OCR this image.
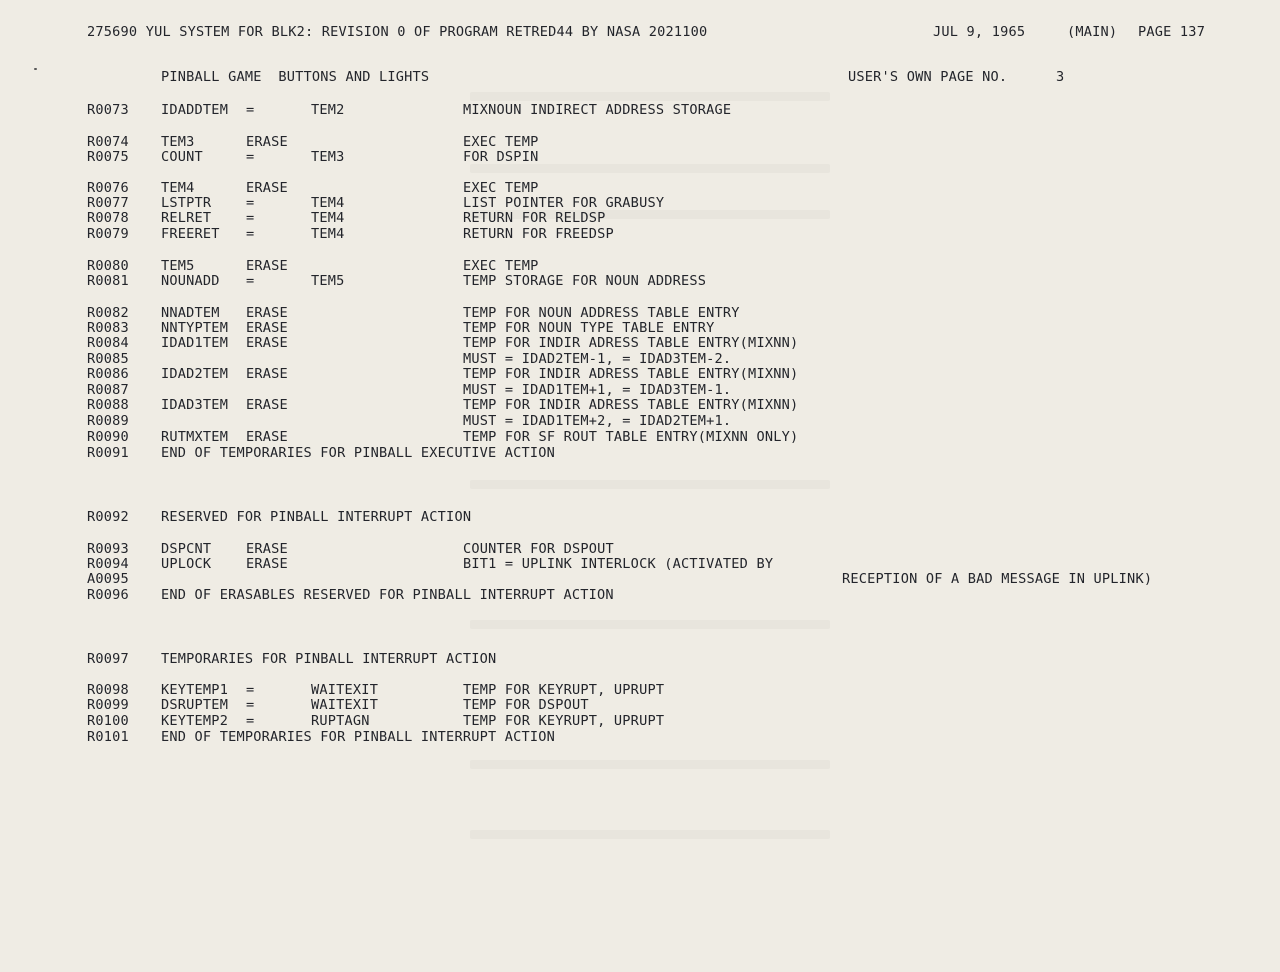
275690 YUL SYSTEM FOR BLK2: REVISION 0 OF PROGRAM RETRED44 BY NASA 2021100	JUL 9, 1965	(MAIN) PAGE 137
PINBALL GAME  BUTTONS AND LIGHTS	USER'S OWN PAGE NO.	3
R0073 IDADDTEM =	TEM2	MIXNOUN INDIRECT ADDRESS STORAGE
R0074 TEM3	ERASE	EXEC TEMP
R0075 COUNT	=	TEM3	FOR DSPIN
R0076 TEM4	ERASE	EXEC TEMP
R0077 LSTPTR	=	TEM4	LIST POINTER FOR GRABUSY
R0078 RELRET	=	TEM4	RETURN FOR RELDSP
R0079 FREERET =	TEM4	RETURN FOR FREEDSP
R0080 TEM5	ERASE	EXEC TEMP
R0081 NOUNADD =	TEM5	TEMP STORAGE FOR NOUN ADDRESS
R0082 NNADTEM ERASE	TEMP FOR NOUN ADDRESS TABLE ENTRY
R0083 NNTYPTEM ERASE	TEMP FOR NOUN TYPE TABLE ENTRY
R0084 IDAD1TEM ERASE	TEMP FOR INDIR ADRESS TABLE ENTRY(MIXNN)
R0085	MUST = IDAD2TEM-1, = IDAD3TEM-2.
R0086 IDAD2TEM ERASE	TEMP FOR INDIR ADRESS TABLE ENTRY(MIXNN)
R0087	MUST = IDAD1TEM+1, = IDAD3TEM-1.
R0088 IDAD3TEM ERASE	TEMP FOR INDIR ADRESS TABLE ENTRY(MIXNN)
R0089	MUST = IDAD1TEM+2, = IDAD2TEM+1.
R0090 RUTMXTEM ERASE	TEMP FOR SF ROUT TABLE ENTRY(MIXNN ONLY)
R0091 END OF TEMPORARIES FOR PINBALL EXECUTIVE ACTION
R0092 RESERVED FOR PINBALL INTERRUPT ACTION
R0093 DSPCNT	ERASE	COUNTER FOR DSPOUT
R0094 UPLOCK	ERASE	BIT1 = UPLINK INTERLOCK (ACTIVATED BY
A0095	RECEPTION OF A BAD MESSAGE IN UPLINK)
R0096 END OF ERASABLES RESERVED FOR PINBALL INTERRUPT ACTION
R0097 TEMPORARIES FOR PINBALL INTERRUPT ACTION
R0098 KEYTEMP1 =	WAITEXIT	TEMP FOR KEYRUPT, UPRUPT
R0099 DSRUPTEM =	WAITEXIT	TEMP FOR DSPOUT
R0100 KEYTEMP2 =	RUPTAGN	TEMP FOR KEYRUPT, UPRUPT
R0101 END OF TEMPORARIES FOR PINBALL INTERRUPT ACTION
